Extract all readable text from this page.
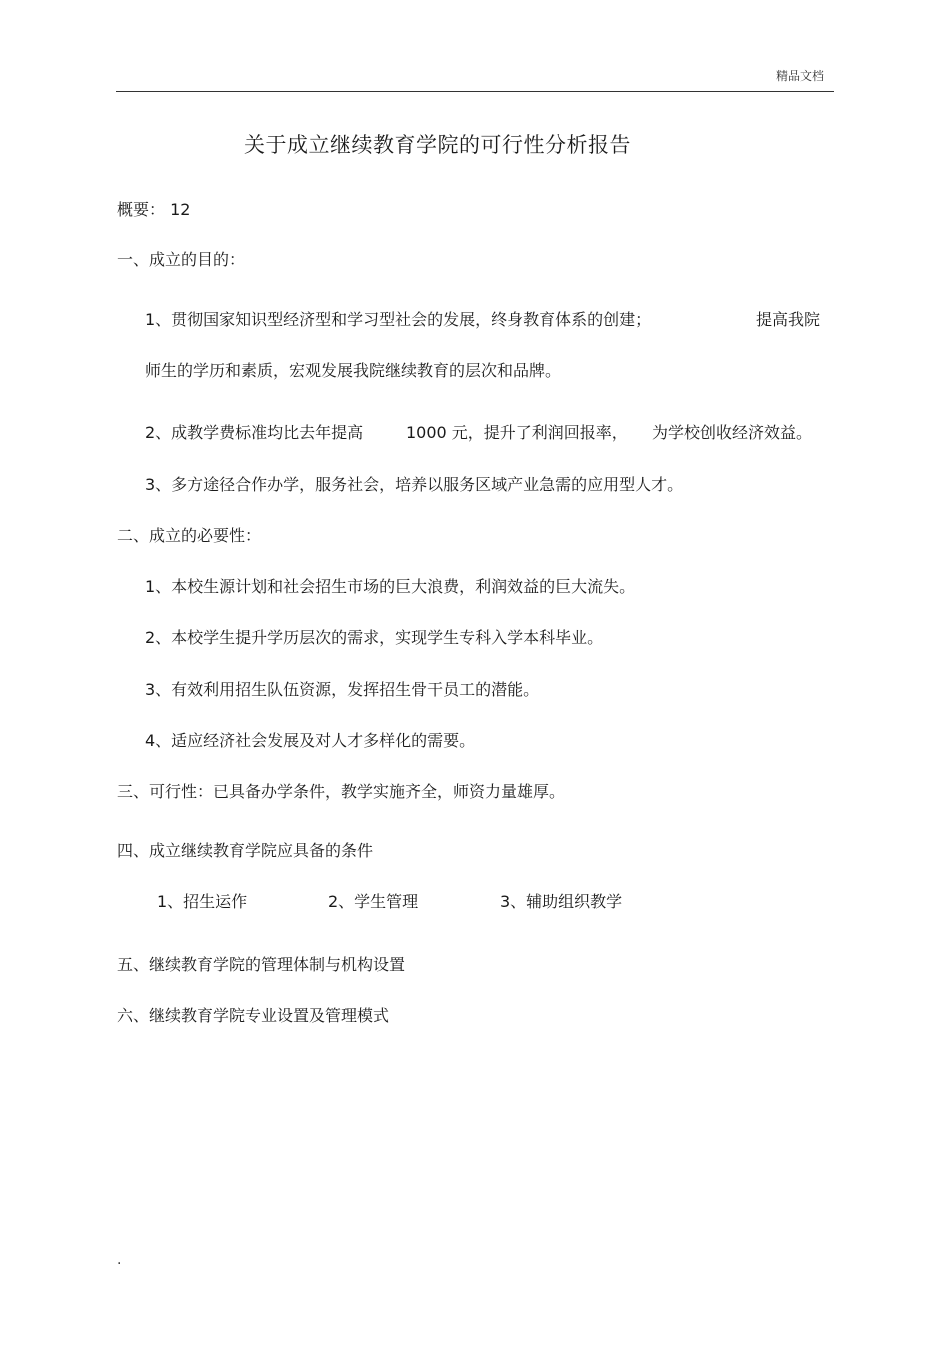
精品文档
关于成立继续教育学院的可行性分析报告
概要： 12
一、成立的目的：
1、贯彻国家知识型经济型和学习型社会的发展，终身教育体系的创建；	提高我院
师生的学历和素质，宏观发展我院继续教育的层次和品牌。
2、成教学费标准均比去年提高	1000 元，提升了利润回报率， 为学校创收经济效益。
3、多方途径合作办学，服务社会，培养以服务区域产业急需的应用型人才。
二、成立的必要性：
1、本校生源计划和社会招生市场的巨大浪费，利润效益的巨大流失。
2、本校学生提升学历层次的需求，实现学生专科入学本科毕业。
3、有效利用招生队伍资源，发挥招生骨干员工的潜能。
4、适应经济社会发展及对人才多样化的需要。
三、可行性：已具备办学条件，教学实施齐全，师资力量雄厚。
四、成立继续教育学院应具备的条件
1、招生运作	2、学生管理	3、辅助组织教学
五、继续教育学院的管理体制与机构设置
六、继续教育学院专业设置及管理模式
.
